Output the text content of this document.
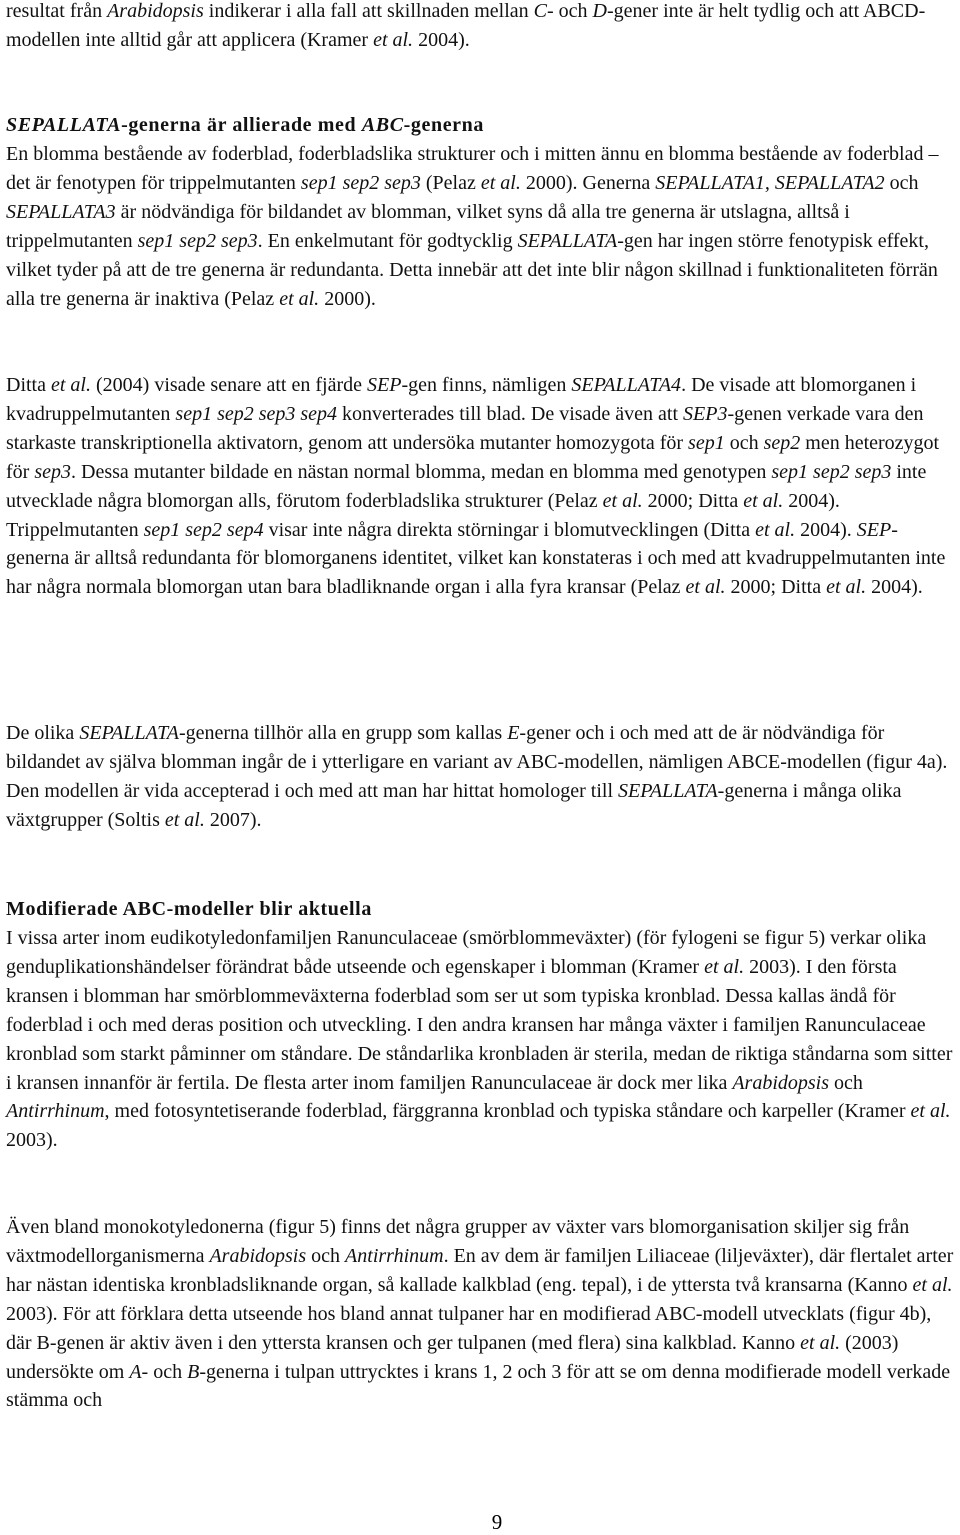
resultat från Arabidopsis indikerar i alla fall att skillnaden mellan C- och D-gener inte är helt tydlig och att ABCD-modellen inte alltid går att applicera (Kramer et al. 2004).

SEPALLATA-generna är allierade med ABC-generna

En blomma bestående av foderblad, foderbladslika strukturer och i mitten ännu en blomma bestående av foderblad – det är fenotypen för trippelmutanten sep1 sep2 sep3 (Pelaz et al. 2000). Generna SEPALLATA1, SEPALLATA2 och SEPALLATA3 är nödvändiga för bildandet av blomman, vilket syns då alla tre generna är utslagna, alltså i trippelmutanten sep1 sep2 sep3. En enkelmutant för godtycklig SEPALLATA-gen har ingen större fenotypisk effekt, vilket tyder på att de tre generna är redundanta. Detta innebär att det inte blir någon skillnad i funktionaliteten förrän alla tre generna är inaktiva (Pelaz et al. 2000).

Ditta et al. (2004) visade senare att en fjärde SEP-gen finns, nämligen SEPALLATA4. De visade att blomorganen i kvadruppelmutanten sep1 sep2 sep3 sep4 konverterades till blad. De visade även att SEP3-genen verkade vara den starkaste transkriptionella aktivatorn, genom att undersöka mutanter homozygota för sep1 och sep2 men heterozygot för sep3. Dessa mutanter bildade en nästan normal blomma, medan en blomma med genotypen sep1 sep2 sep3 inte utvecklade några blomorgan alls, förutom foderbladslika strukturer (Pelaz et al. 2000; Ditta et al. 2004). Trippelmutanten sep1 sep2 sep4 visar inte några direkta störningar i blomutvecklingen (Ditta et al. 2004). SEP-generna är alltså redundanta för blomorganens identitet, vilket kan konstateras i och med att kvadruppelmutanten inte har några normala blomorgan utan bara bladliknande organ i alla fyra kransar (Pelaz et al. 2000; Ditta et al. 2004).

De olika SEPALLATA-generna tillhör alla en grupp som kallas E-gener och i och med att de är nödvändiga för bildandet av själva blomman ingår de i ytterligare en variant av ABC-modellen, nämligen ABCE-modellen (figur 4a). Den modellen är vida accepterad i och med att man har hittat homologer till SEPALLATA-generna i många olika växtgrupper (Soltis et al. 2007).

Modifierade ABC-modeller blir aktuella

I vissa arter inom eudikotyledonfamiljen Ranunculaceae (smörblommeväxter) (för fylogeni se figur 5) verkar olika genduplikationshändelser förändrat både utseende och egenskaper i blomman (Kramer et al. 2003). I den första kransen i blomman har smörblommeväxterna foderblad som ser ut som typiska kronblad. Dessa kallas ändå för foderblad i och med deras position och utveckling. I den andra kransen har många växter i familjen Ranunculaceae kronblad som starkt påminner om ståndare. De ståndarlika kronbladen är sterila, medan de riktiga ståndarna som sitter i kransen innanför är fertila. De flesta arter inom familjen Ranunculaceae är dock mer lika Arabidopsis och Antirrhinum, med fotosyntetiserande foderblad, färggranna kronblad och typiska ståndare och karpeller (Kramer et al. 2003).

Även bland monokotyledonerna (figur 5) finns det några grupper av växter vars blomorganisation skiljer sig från växtmodellorganismerna Arabidopsis och Antirrhinum. En av dem är familjen Liliaceae (liljeväxter), där flertalet arter har nästan identiska kronbladsliknande organ, så kallade kalkblad (eng. tepal), i de yttersta två kransarna (Kanno et al. 2003). För att förklara detta utseende hos bland annat tulpaner har en modifierad ABC-modell utvecklats (figur 4b), där B-genen är aktiv även i den yttersta kransen och ger tulpanen (med flera) sina kalkblad. Kanno et al. (2003) undersökte om A- och B-generna i tulpan uttrycktes i krans 1, 2 och 3 för att se om denna modifierade modell verkade stämma och

9
